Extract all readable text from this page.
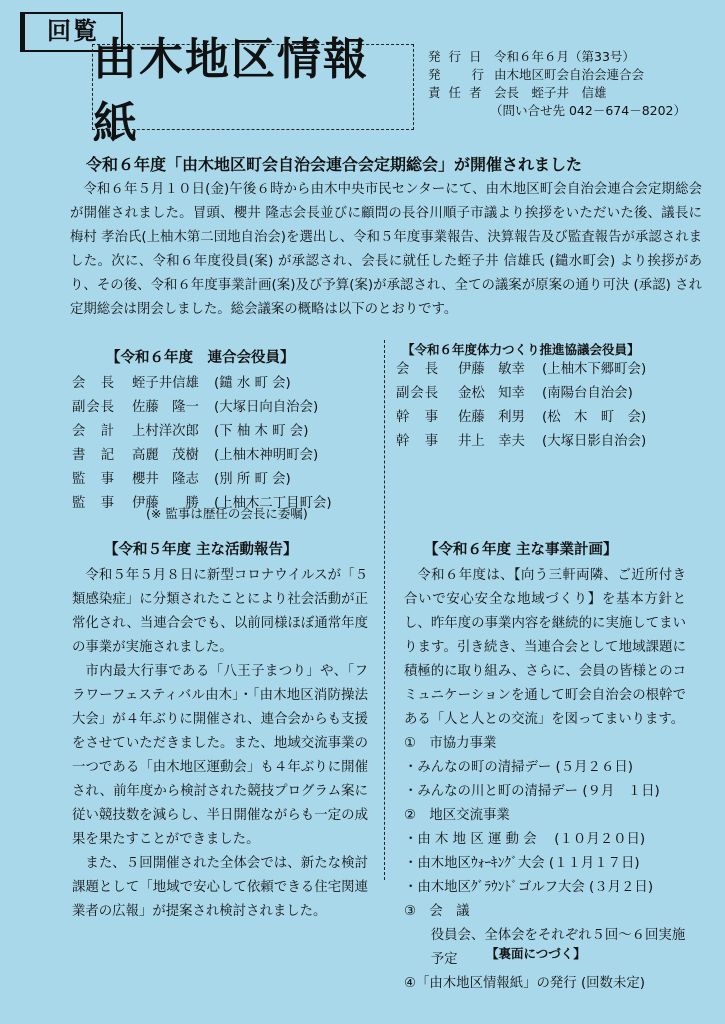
回覧
由木地区情報紙
発 行 日 令和６年６月（第33号）
発　　行 由木地区町会自治会連合会
責 任 者 会長　蛭子井　信雄
（問い合せ先 042－674－8202）
令和６年度「由木地区町会自治会連合会定期総会」が開催されました

令和６年５月１０日(金)午後６時から由木中央市民センターにて、由木地区町会自治会連合会定期総会が開催されました。冒頭、櫻井 隆志会長並びに顧問の長谷川順子市議より挨拶をいただいた後、議長に梅村 孝治氏(上柚木第二団地自治会)を選出し、令和５年度事業報告、決算報告及び監査報告が承認されました。次に、令和６年度役員(案) が承認され、会長に就任した蛭子井 信雄氏 (鑓水町会) より挨拶があり、その後、令和６年度事業計画(案)及び予算(案)が承認され、全ての議案が原案の通り可決 (承認) され定期総会は閉会しました。総会議案の概略は以下のとおりです。

【令和６年度　連合会役員】
会　長	蛭子井信雄	(鑓 水 町 会)
副会長	佐藤　隆一	(大塚日向自治会)
会　計	上村洋次郎	(下 柚 木 町 会)
書　記	高麗　茂樹	(上柚木神明町会)
監　事	櫻井　隆志	(別 所 町 会)
監　事	伊藤　　勝	(上柚木二丁目町会)
(※ 監事は歴任の会長に委嘱)
【令和６年度体力つくり推進協議会役員】
会　長	伊藤　敏幸	(上柚木下郷町会)
副会長	金松　知幸	(南陽台自治会)
幹　事	佐藤　利男	(松　木　町　会)
幹　事	井上　幸夫	(大塚日影自治会)
【令和５年度 主な活動報告】

令和５年５月８日に新型コロナウイルスが「５類感染症」に分類されたことにより社会活動が正常化され、当連合会でも、以前同様ほぼ通常年度の事業が実施されました。

市内最大行事である「八王子まつり」や、「フラワーフェスティバル由木」・「由木地区消防操法大会」が４年ぶりに開催され、連合会からも支援をさせていただきました。また、地域交流事業の一つである「由木地区運動会」も４年ぶりに開催され、前年度から検討された競技プログラム案に従い競技数を減らし、半日開催ながらも一定の成果を果たすことができました。

また、５回開催された全体会では、新たな検討課題として「地域で安心して依頼できる住宅関連業者の広報」が提案され検討されました。

【令和６年度 主な事業計画】

令和６年度は、【向う三軒両隣、ご近所付き合いで安心安全な地域づくり】を基本方針とし、昨年度の事業内容を継続的に実施してまいります。引き続き、当連合会として地域課題に積極的に取り組み、さらに、会員の皆様とのコミュニケーションを通して町会自治会の根幹である「人と人との交流」を図ってまいります。

①　市協力事業

・みんなの町の清掃デー (５月２６日)

・みんなの川と町の清掃デー (９月　１日)

②　地区交流事業

・由 木 地 区 運 動 会　 (１０月２０日)

・由木地区ｳｫｰｷﾝｸﾞ大会 (１１月１７日)

・由木地区ｸﾞﾗｳﾝﾄﾞゴルフ大会 (３月２日)

③　会　議

役員会、全体会をそれぞれ５回～６回実施予定

④「由木地区情報紙」の発行 (回数未定)

【裏面につづく】
